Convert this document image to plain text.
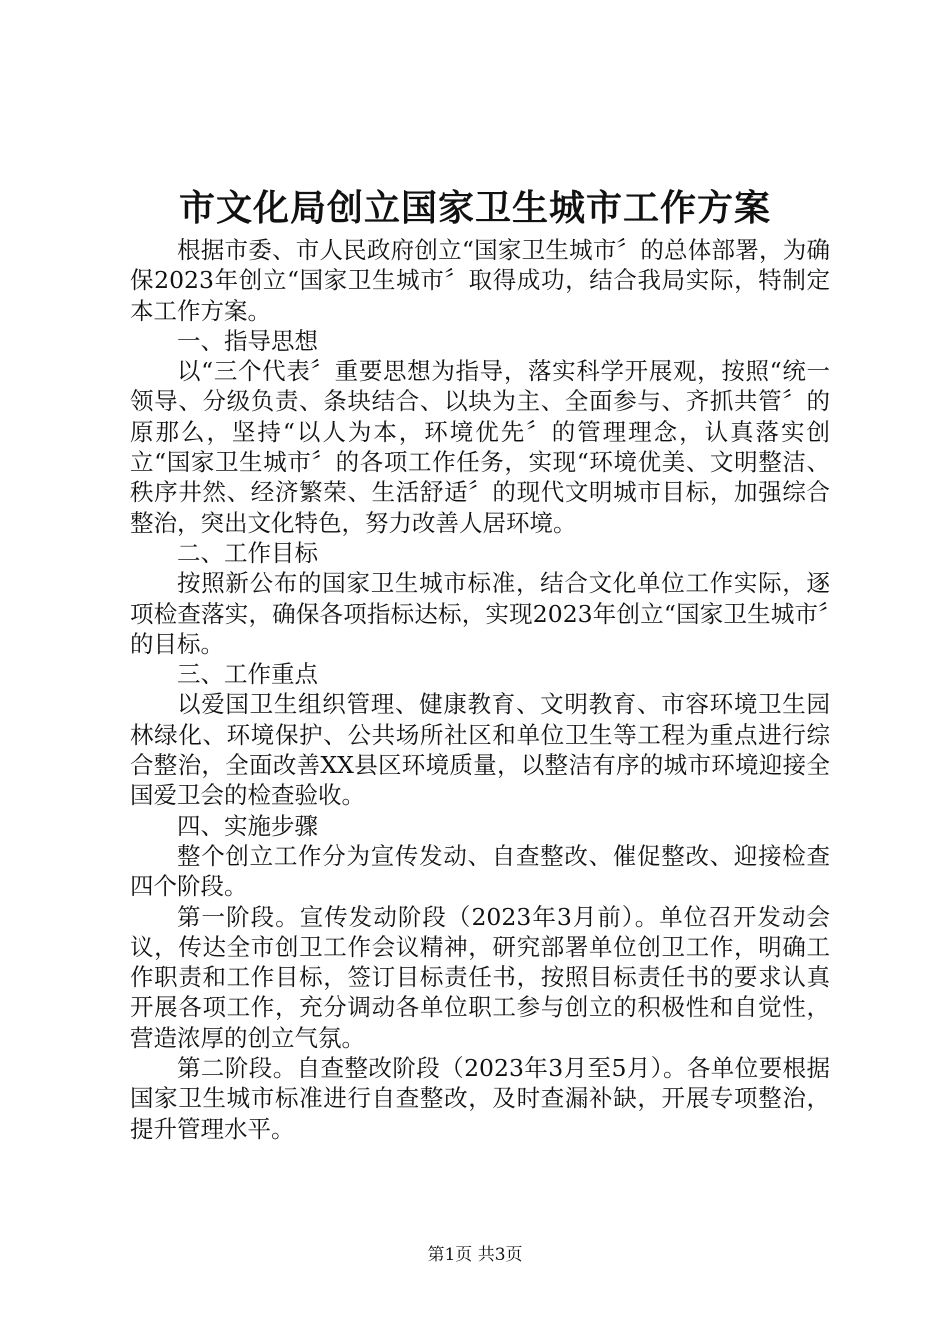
市文化局创立国家卫生城市工作方案

根据市委、市人民政府创立“国家卫生城市〞的总体部署，为确保2023年创立“国家卫生城市〞取得成功，结合我局实际，特制定本工作方案。

一、指导思想

以“三个代表〞重要思想为指导，落实科学开展观，按照“统一领导、分级负责、条块结合、以块为主、全面参与、齐抓共管〞的原那么，坚持“以人为本，环境优先〞的管理理念，认真落实创立“国家卫生城市〞的各项工作任务，实现“环境优美、文明整洁、秩序井然、经济繁荣、生活舒适〞的现代文明城市目标，加强综合整治，突出文化特色，努力改善人居环境。

二、工作目标

按照新公布的国家卫生城市标准，结合文化单位工作实际，逐项检查落实，确保各项指标达标，实现2023年创立“国家卫生城市〞的目标。

三、工作重点

以爱国卫生组织管理、健康教育、文明教育、市容环境卫生园林绿化、环境保护、公共场所社区和单位卫生等工程为重点进行综合整治，全面改善XX县区环境质量，以整洁有序的城市环境迎接全国爱卫会的检查验收。

四、实施步骤

整个创立工作分为宣传发动、自查整改、催促整改、迎接检查四个阶段。

第一阶段。宣传发动阶段（2023年3月前）。单位召开发动会议，传达全市创卫工作会议精神，研究部署单位创卫工作，明确工作职责和工作目标，签订目标责任书，按照目标责任书的要求认真开展各项工作，充分调动各单位职工参与创立的积极性和自觉性，营造浓厚的创立气氛。

第二阶段。自查整改阶段（2023年3月至5月）。各单位要根据国家卫生城市标准进行自查整改，及时查漏补缺，开展专项整治，提升管理水平。

第1页 共3页
